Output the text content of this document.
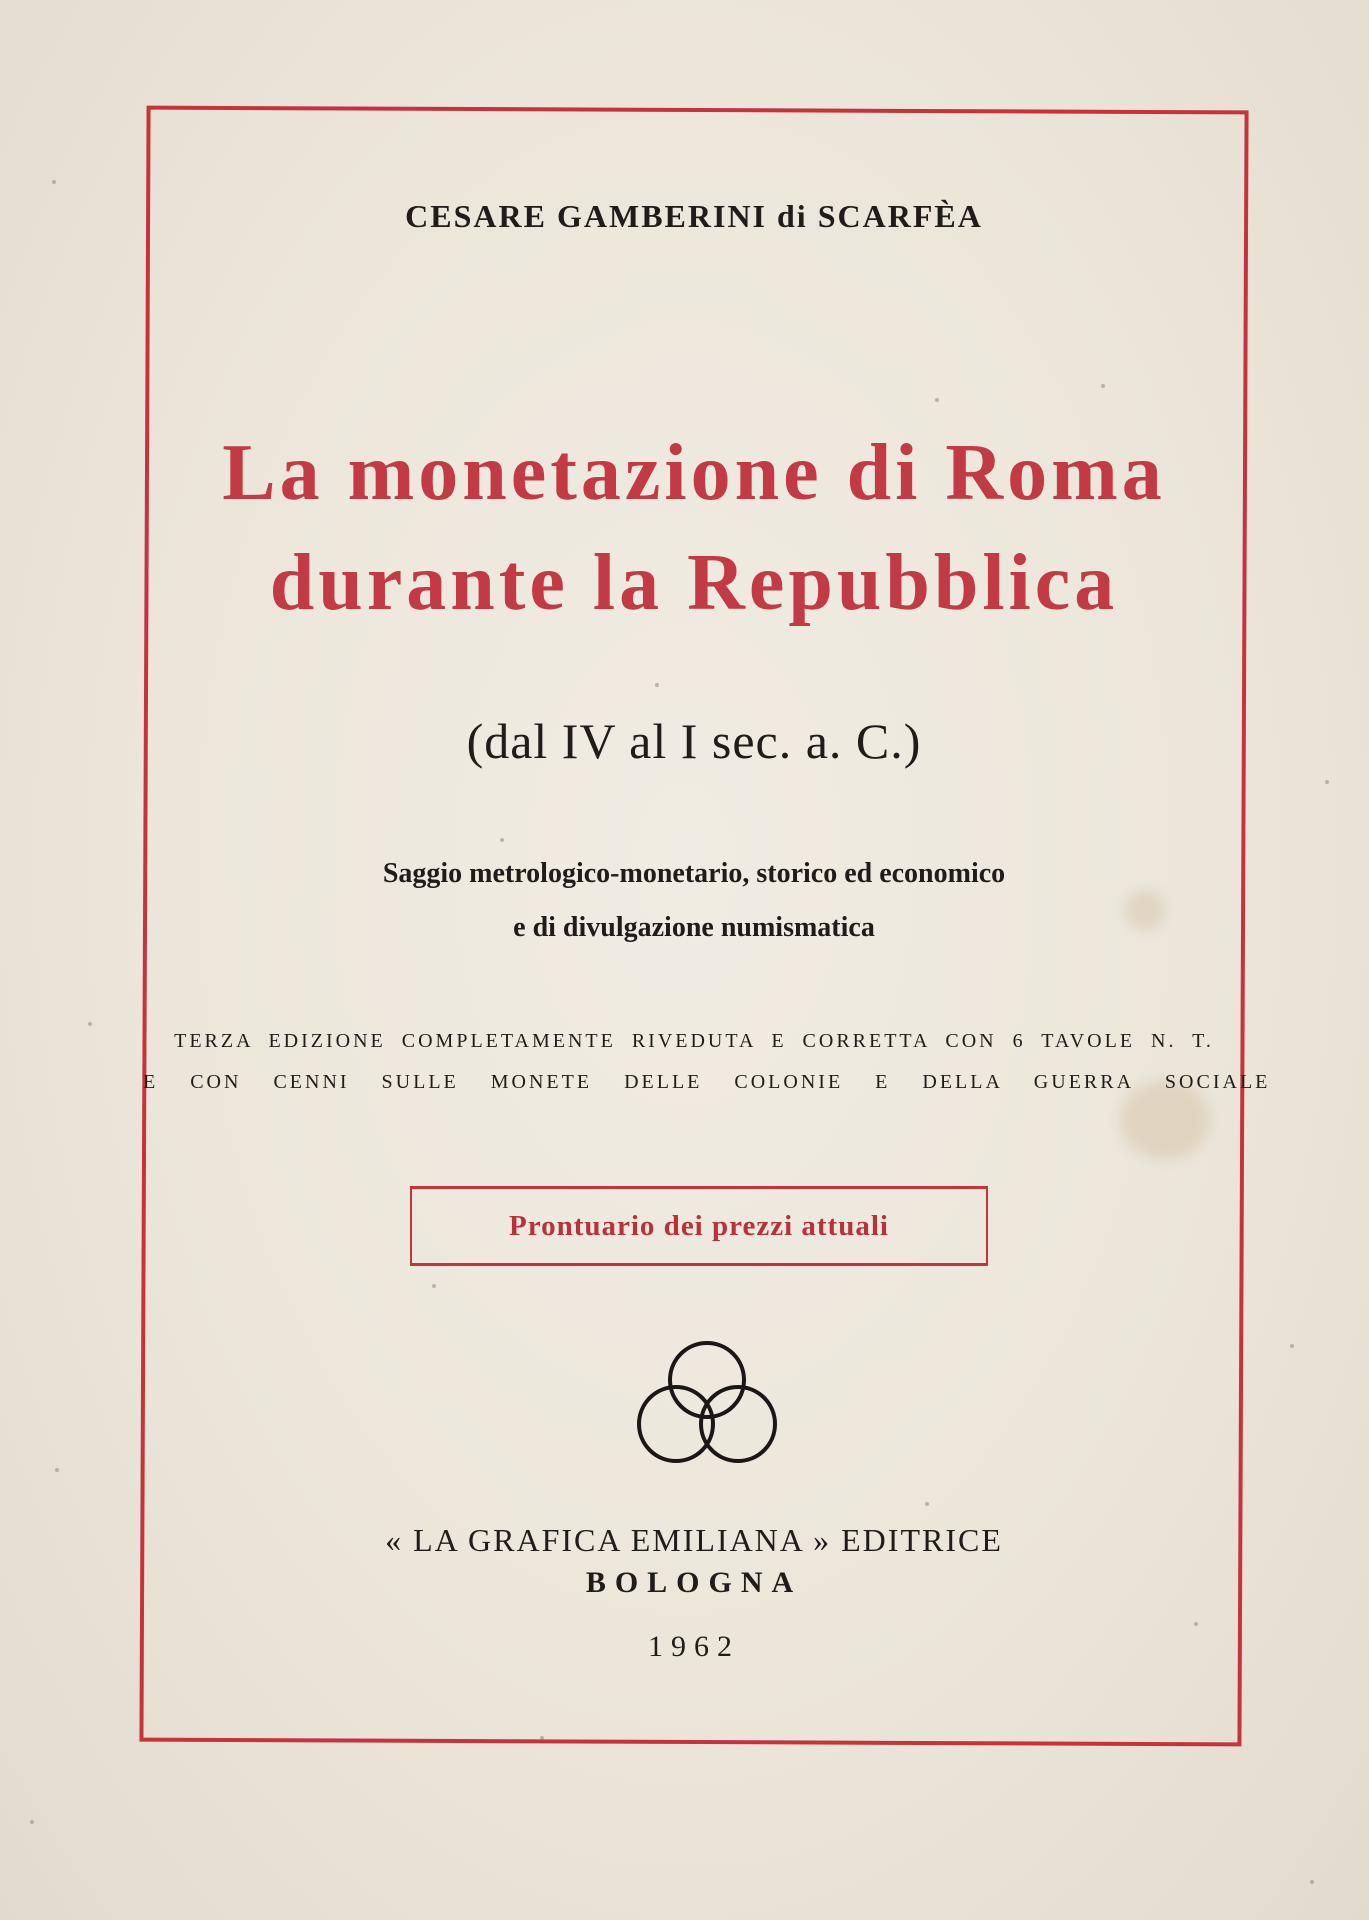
CESARE GAMBERINI di SCARFÈA
La monetazione di Roma
durante la Repubblica
(dal IV al I sec. a. C.)
Saggio metrologico-monetario, storico ed economico
e di divulgazione numismatica
TERZA EDIZIONE COMPLETAMENTE RIVEDUTA E CORRETTA CON 6 TAVOLE N. T.
E CON CENNI SULLE MONETE DELLE COLONIE E DELLA GUERRA SOCIALE
Prontuario dei prezzi attuali
« LA GRAFICA EMILIANA » EDITRICE
BOLOGNA
1962
